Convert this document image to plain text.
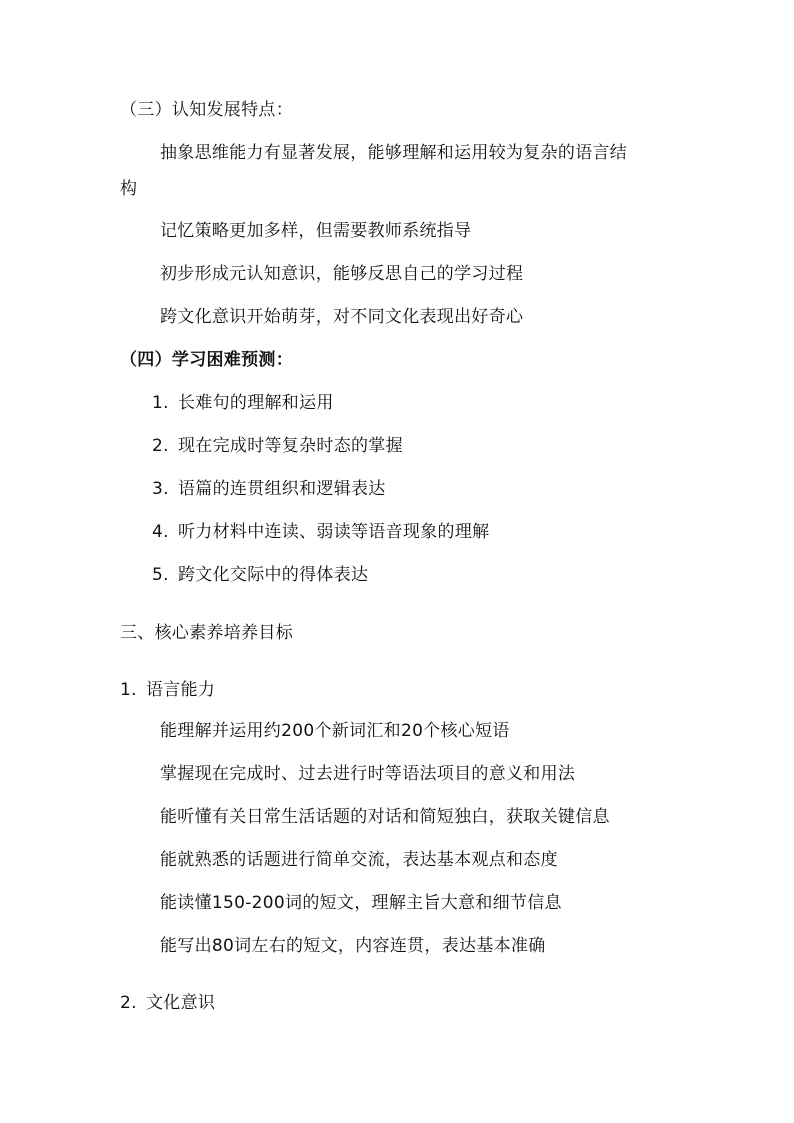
（三）认知发展特点：
抽象思维能力有显著发展，能够理解和运用较为复杂的语言结
构
记忆策略更加多样，但需要教师系统指导
初步形成元认知意识，能够反思自己的学习过程
跨文化意识开始萌芽，对不同文化表现出好奇心
（四）学习困难预测：
1. 长难句的理解和运用
2. 现在完成时等复杂时态的掌握
3. 语篇的连贯组织和逻辑表达
4. 听力材料中连读、弱读等语音现象的理解
5. 跨文化交际中的得体表达
三、核心素养培养目标
1. 语言能力
能理解并运用约200个新词汇和20个核心短语
掌握现在完成时、过去进行时等语法项目的意义和用法
能听懂有关日常生活话题的对话和简短独白，获取关键信息
能就熟悉的话题进行简单交流，表达基本观点和态度
能读懂150-200词的短文，理解主旨大意和细节信息
能写出80词左右的短文，内容连贯，表达基本准确
2. 文化意识
